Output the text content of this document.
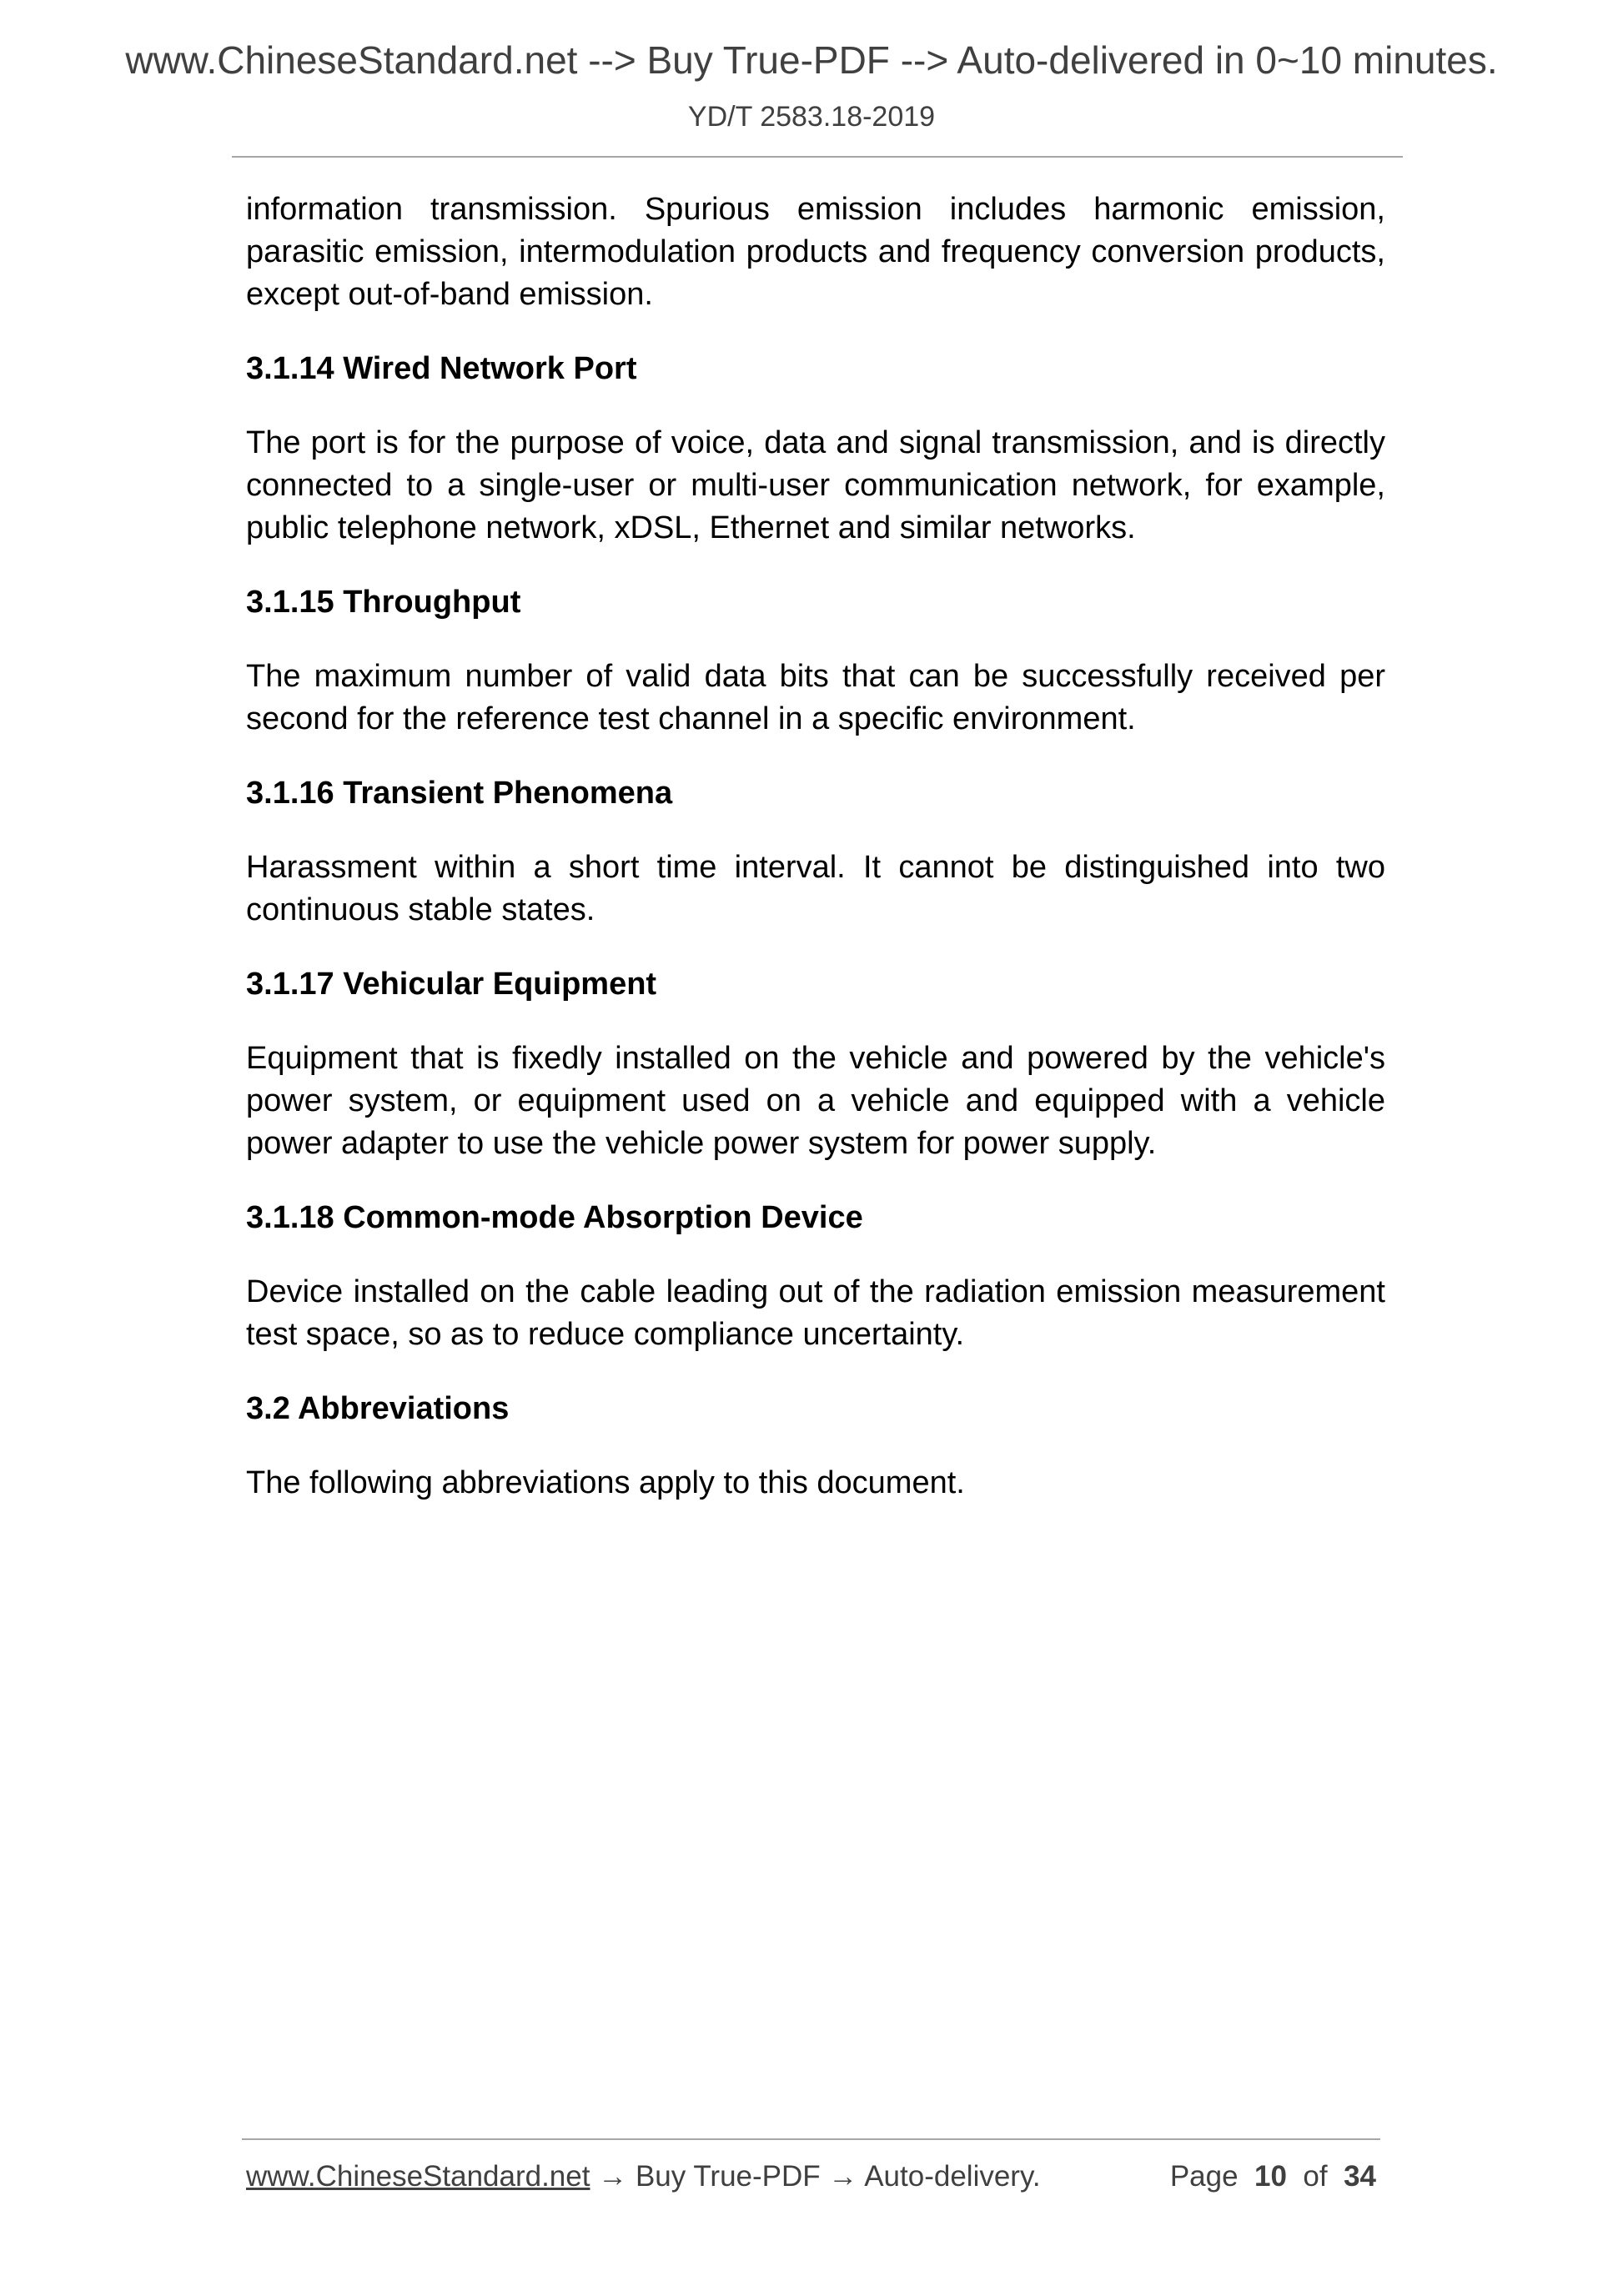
www.ChineseStandard.net --> Buy True-PDF --> Auto-delivered in 0~10 minutes.
YD/T 2583.18-2019

information transmission. Spurious emission includes harmonic emission, parasitic emission, intermodulation products and frequency conversion products, except out-of-band emission.

3.1.14 Wired Network Port

The port is for the purpose of voice, data and signal transmission, and is directly connected to a single-user or multi-user communication network, for example, public telephone network, xDSL, Ethernet and similar networks.

3.1.15 Throughput

The maximum number of valid data bits that can be successfully received per second for the reference test channel in a specific environment.

3.1.16 Transient Phenomena

Harassment within a short time interval. It cannot be distinguished into two continuous stable states.

3.1.17 Vehicular Equipment

Equipment that is fixedly installed on the vehicle and powered by the vehicle's power system, or equipment used on a vehicle and equipped with a vehicle power adapter to use the vehicle power system for power supply.

3.1.18 Common-mode Absorption Device

Device installed on the cable leading out of the radiation emission measurement test space, so as to reduce compliance uncertainty.

3.2 Abbreviations

The following abbreviations apply to this document.

www.ChineseStandard.net → Buy True-PDF → Auto-delivery.	Page 10 of 34
